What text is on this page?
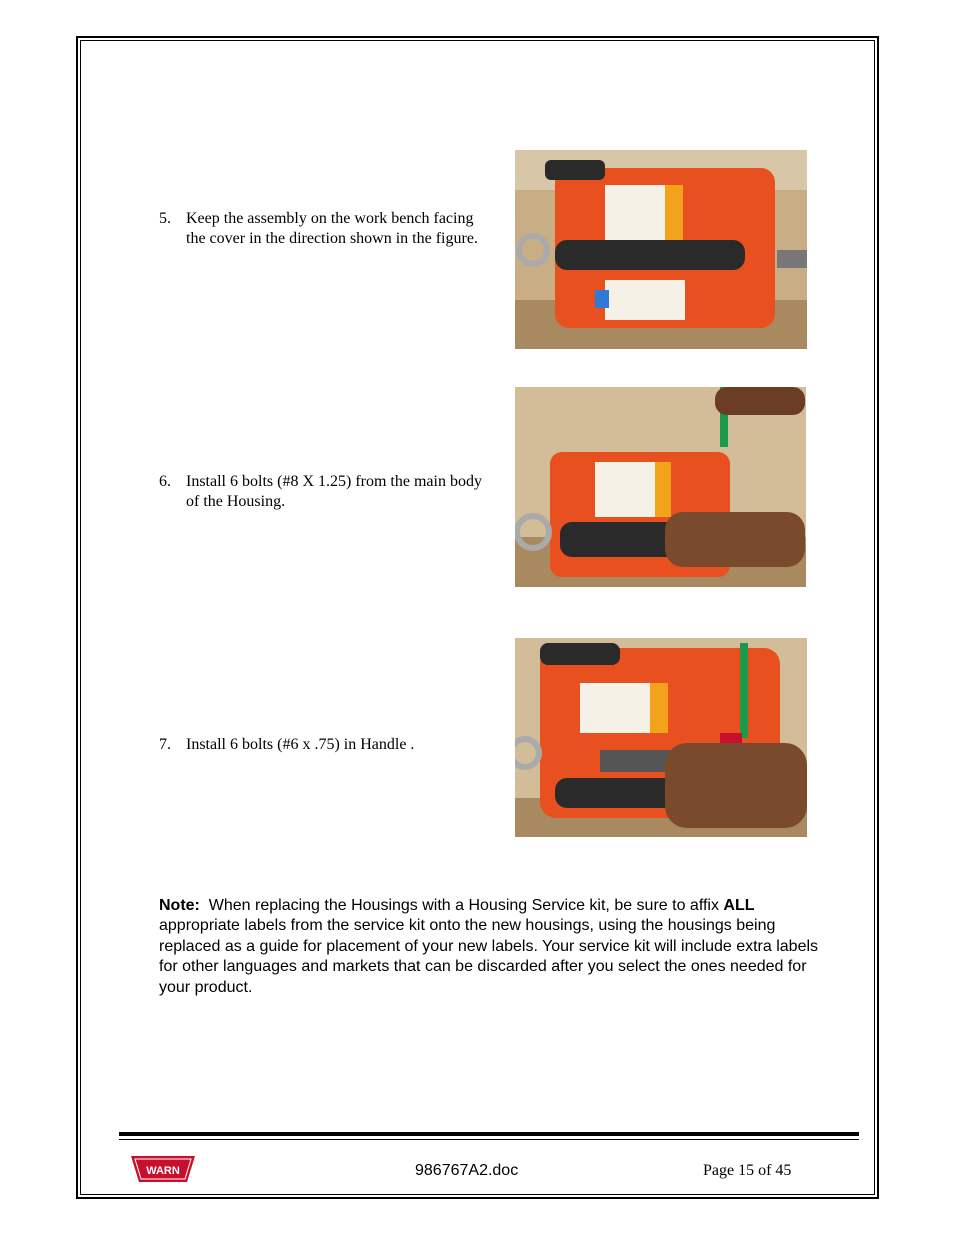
5. Keep the assembly on the work bench facing the cover in the direction shown in the figure.
6. Install 6 bolts (#8 X 1.25) from the main body of the Housing.
7. Install 6 bolts (#6 x .75) in Handle .
Note: When replacing the Housings with a Housing Service kit, be sure to affix ALL appropriate labels from the service kit onto the new housings, using the housings being replaced as a guide for placement of your new labels. Your service kit will include extra labels for other languages and markets that can be discarded after you select the ones needed for your product.
WARN	986767A2.doc	Page 15 of 45
